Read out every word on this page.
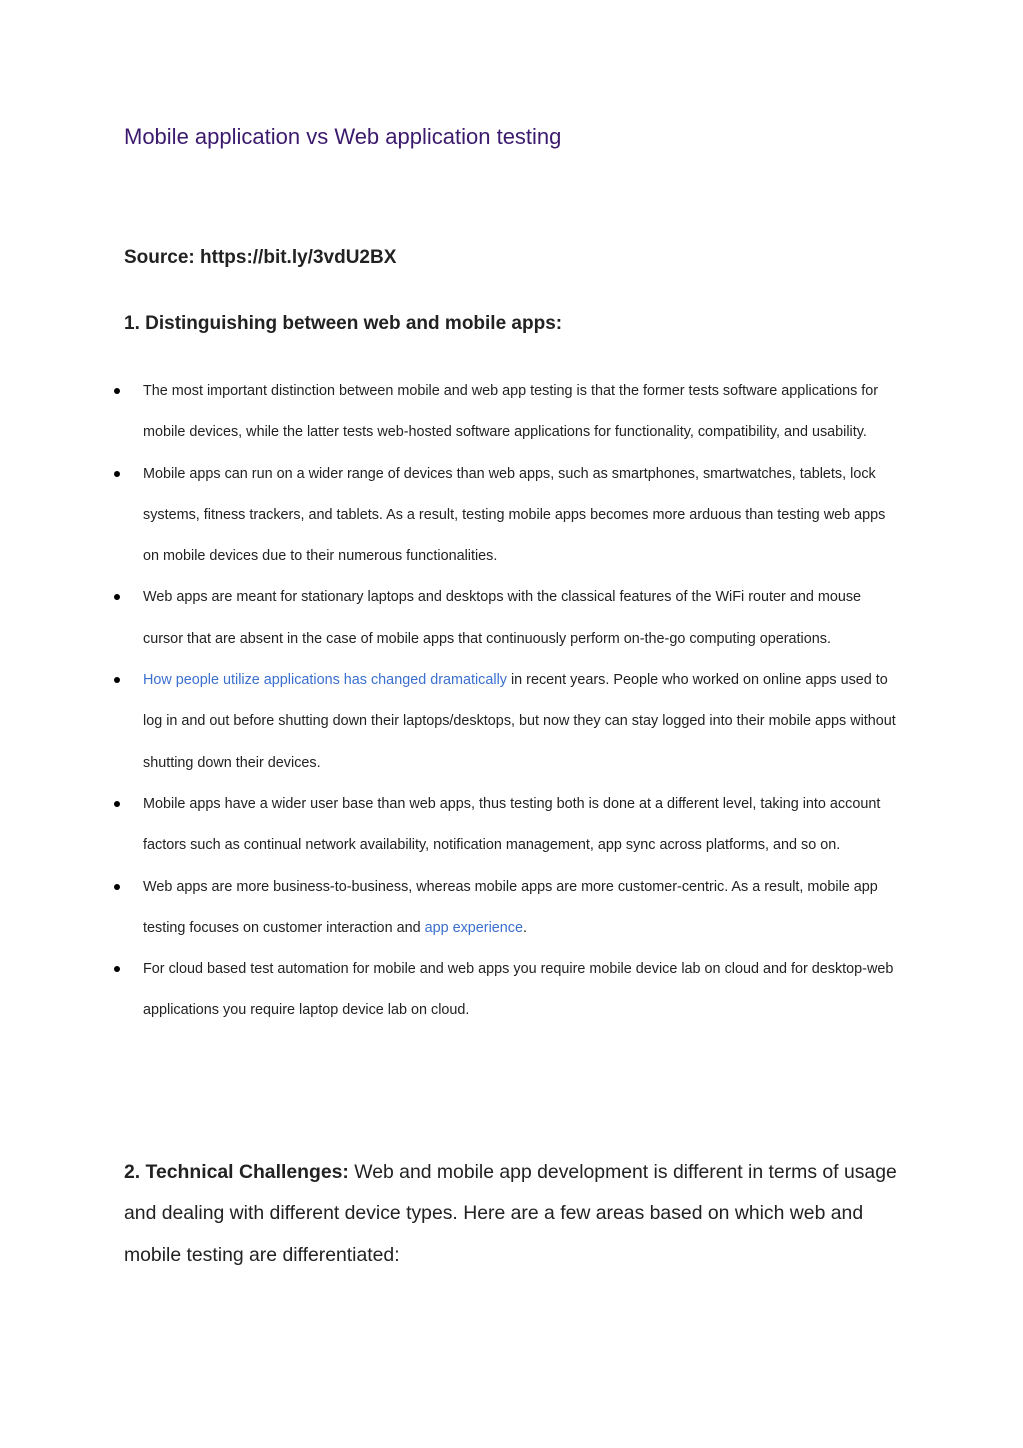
Mobile application vs Web application testing

Source: https://bit.ly/3vdU2BX

1. Distinguishing between web and mobile apps:
The most important distinction between mobile and web app testing is that the former tests software applications for mobile devices, while the latter tests web-hosted software applications for functionality, compatibility, and usability.
Mobile apps can run on a wider range of devices than web apps, such as smartphones, smartwatches, tablets, lock systems, fitness trackers, and tablets. As a result, testing mobile apps becomes more arduous than testing web apps on mobile devices due to their numerous functionalities.
Web apps are meant for stationary laptops and desktops with the classical features of the WiFi router and mouse cursor that are absent in the case of mobile apps that continuously perform on-the-go computing operations.
How people utilize applications has changed dramatically in recent years. People who worked on online apps used to log in and out before shutting down their laptops/desktops, but now they can stay logged into their mobile apps without shutting down their devices.
Mobile apps have a wider user base than web apps, thus testing both is done at a different level, taking into account factors such as continual network availability, notification management, app sync across platforms, and so on.
Web apps are more business-to-business, whereas mobile apps are more customer-centric. As a result, mobile app testing focuses on customer interaction and app experience.
For cloud based test automation for mobile and web apps you require mobile device lab on cloud and for desktop-web applications you require laptop device lab on cloud.

2. Technical Challenges: Web and mobile app development is different in terms of usage and dealing with different device types. Here are a few areas based on which web and mobile testing are differentiated:
